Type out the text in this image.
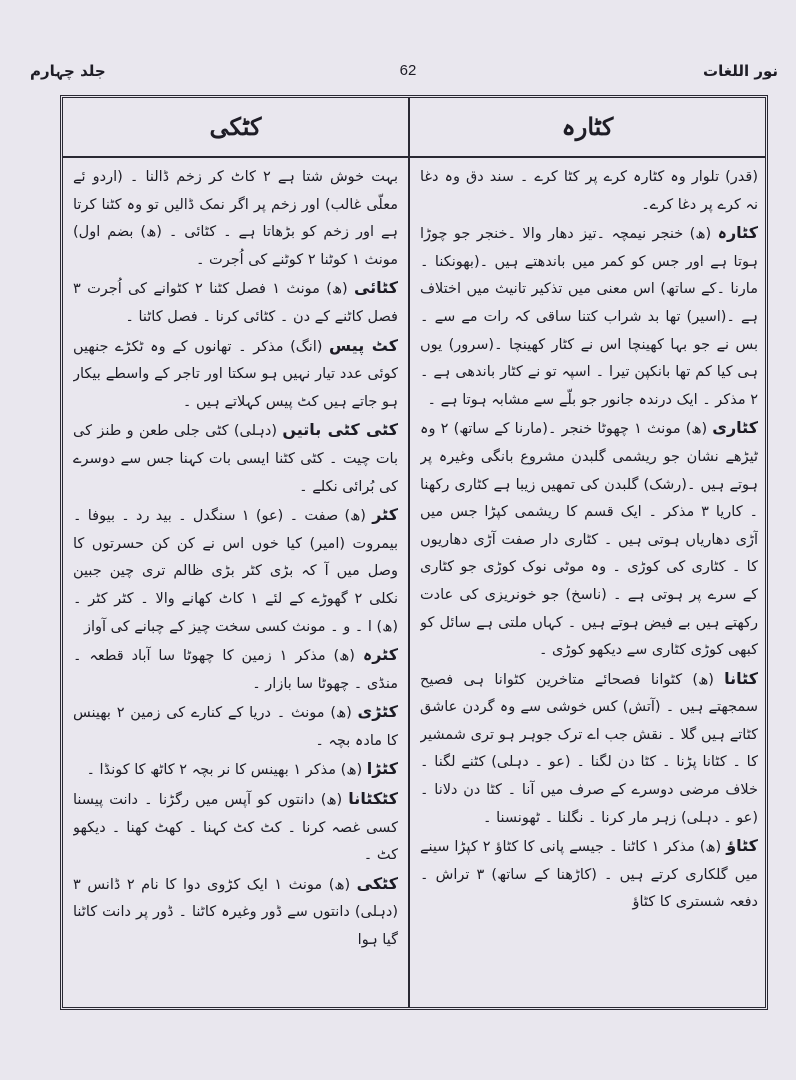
جلد چہارم	62	نور اللغات
کٹکی	کٹارہ

(قدر) تلوار وہ کٹارہ کرے پر کٹا کرے ۔ سند دق وہ دغا نہ کرے پر دغا کرے۔

کٹارہ (ھ) خنجر نیمچہ ۔تیز دھار والا ۔خنجر جو چوڑا ہوتا ہے اور جس کو کمر میں باندھتے ہیں ۔(بھونکنا ۔مارنا ۔کے ساتھ) اس معنی میں تذکیر تانیث میں اختلاف ہے ۔(اسیر) تھا بد شراب کتنا ساقی کہ رات مے سے ۔ بس نے جو بہا کھینچا اس نے کٹار کھینچا ۔(سرور) یوں ہی کیا کم تھا بانکپن تیرا ۔ اسپہ تو نے کٹار باندھی ہے ۔ ۲ مذکر ۔ ایک درندہ جانور جو بلّے سے مشابہ ہوتا ہے ۔

کٹاری (ھ) مونث ۱ چھوٹا خنجر ۔(مارنا کے ساتھ) ۲ وہ ٹیڑھے نشان جو ریشمی گلبدن مشروع بانگی وغیرہ پر ہوتے ہیں ۔(رشک) گلبدن کی تمھیں زیبا ہے کٹاری رکھنا ۔ کاریا ۳ مذکر ۔ ایک قسم کا ریشمی کپڑا جس میں آڑی دھاریاں ہوتی ہیں ۔ کٹاری دار صفت آڑی دھاریوں کا ۔ کٹاری کی کوڑی ۔ وہ موٹی نوک کوڑی جو کٹاری کے سرے پر ہوتی ہے ۔ (ناسخ) جو خونریزی کی عادت رکھتے ہیں بے فیض ہوتے ہیں ۔ کہاں ملتی ہے سائل کو کبھی کوڑی کٹاری سے دیکھو کوڑی ۔

کٹانا (ھ) کٹوانا فصحائے متاخرین کٹوانا ہی فصیح سمجھتے ہیں ۔ (آتش) کس خوشی سے وہ گردن عاشق کٹاتے ہیں گلا ۔ نقش جب اے ترک جوہر ہو تری شمشیر کا ۔ کٹانا پڑنا ۔ کٹا دن لگنا ۔ (عو ۔ دہلی) کٹنے لگنا ۔ خلاف مرضی دوسرے کے صرف میں آنا ۔ کٹا دن دلانا ۔ (عو ۔ دہلی) زہر مار کرنا ۔ نگلنا ۔ ٹھونسنا ۔

کٹاؤ (ھ) مذکر ۱ کاٹنا ۔ جیسے پانی کا کٹاؤ ۲ کپڑا سینے میں گلکاری کرتے ہیں ۔ (کاڑھنا کے ساتھ) ۳ تراش ۔ دفعہ شستری کا کٹاؤ

بہت خوش شتا ہے ۲ کاٹ کر زخم ڈالنا ۔ (اردو ئے معلّی غالب) اور زخم پر اگر نمک ڈالیں تو وہ کٹنا کرتا ہے اور زخم کو بڑھاتا ہے ۔ کٹائی ۔ (ھ) بضم اول) مونث ۱ کوٹنا ۲ کوٹنے کی اُجرت ۔

کٹائی (ھ) مونث ۱ فصل کٹنا ۲ کٹوانے کی اُجرت ۳ فصل کاٹنے کے دن ۔ کٹائی کرنا ۔ فصل کاٹنا ۔

کٹ پیس (انگ) مذکر ۔ تھانوں کے وہ ٹکڑے جنھیں کوئی عدد تیار نہیں ہو سکتا اور تاجر کے واسطے بیکار ہو جاتے ہیں کٹ پیس کہلاتے ہیں ۔

کٹی کٹی باتیں (دہلی) کٹی جلی طعن و طنز کی بات چیت ۔ کٹی کٹنا ایسی بات کہنا جس سے دوسرے کی بُرائی نکلے ۔

کٹر (ھ) صفت ۔ (عو) ۱ سنگدل ۔ بید رد ۔ بیوفا ۔ بیمروت (امیر) کیا خوں اس نے کن کن حسرتوں کا وصل میں آ کہ بڑی کٹر بڑی ظالم تری چین جبین نکلی ۲ گھوڑے کے لئے ۱ کاٹ کھانے والا ۔ کٹر کٹر ۔ (ھ) ا ۔ و ۔ مونث کسی سخت چیز کے چبانے کی آواز

کٹرہ (ھ) مذکر ۱ زمین کا چھوٹا سا آباد قطعہ ۔ منڈی ۔ چھوٹا سا بازار ۔

کٹڑی (ھ) مونث ۔ دریا کے کنارے کی زمین ۲ بھینس کا مادہ بچہ ۔

کٹڑا (ھ) مذکر ۱ بھینس کا نر بچہ ۲ کاٹھ کا کونڈا ۔

کٹکٹانا (ھ) دانتوں کو آپس میں رگڑنا ۔ دانت پیسنا کسی غصہ کرنا ۔ کٹ کٹ کہنا ۔ کھٹ کھنا ۔ دیکھو کٹ ۔

کٹکی (ھ) مونث ۱ ایک کڑوی دوا کا نام ۲ ڈانس ۳ (دہلی) دانتوں سے ڈور وغیرہ کاٹنا ۔ ڈور پر دانت کاٹنا گیا ہوا
